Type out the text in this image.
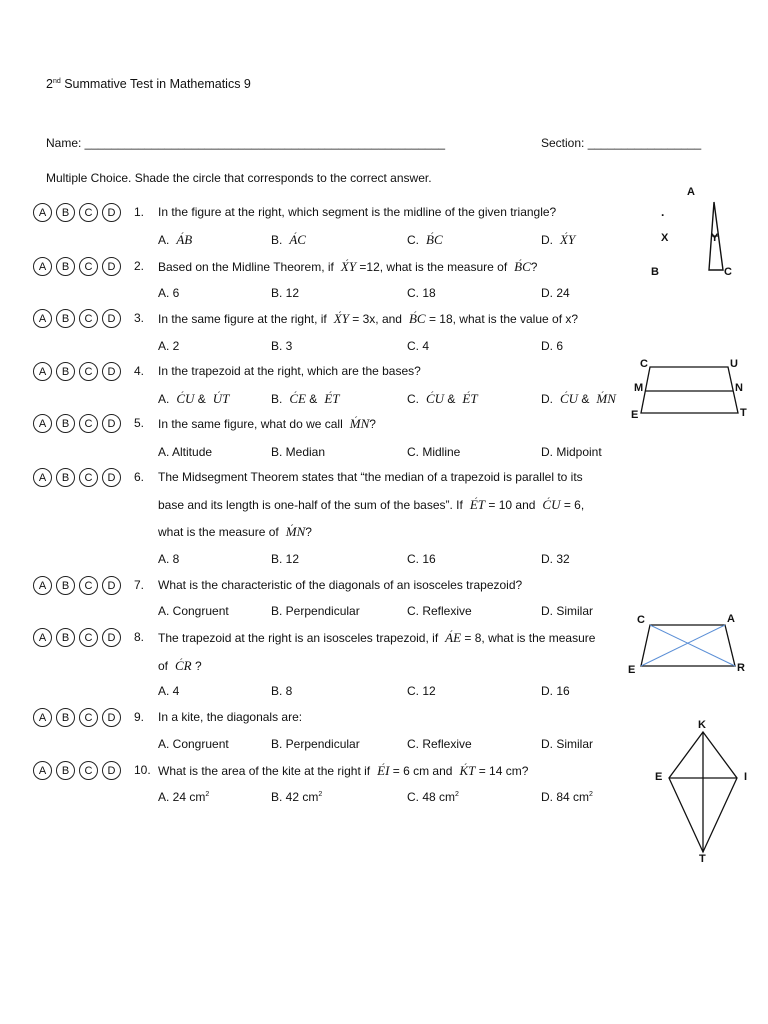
2nd Summative Test in Mathematics 9
Name: ______________________________________________________	Section: _________________
Multiple Choice. Shade the circle that corresponds to the correct answer.
A	B	C	D	1. In the figure at the right, which segment is the midline of the given triangle?
A. ´ AB	B. ´ AC	C. ´ BC	D. ´ XY
A	B	C	D	2. Based on the Midline Theorem, if ´ XY =12, what is the measure of ´ BC?
A. 6	B. 12	C. 18	D. 24
A	B	C	D	3. In the same figure at the right, if ´ XY = 3x, and ´ BC = 18, what is the value of x?
A. 2	B. 3	C. 4	D. 6
A	B	C	D	4. In the trapezoid at the right, which are the bases?
A. ´ CU & ´ UT	B. ´ CE & ´ ET	C. ´ CU & ´ ET	D. ´ CU & ´ MN
A	B	C	D	5. In the same figure, what do we call ´ MN?
A. Altitude	B. Median	C. Midline	D. Midpoint
A	B	C	D	6.
base and its length is one-half of the sum of the bases”. If ´ ET = 10 and ´ CU = 6,
what is the measure of ´ MN?
The Midsegment Theorem states that “the median of a trapezoid is parallel to its
A. 8	B. 12	C. 16	D. 32
A	B	C	D	7. What is the characteristic of the diagonals of an isosceles trapezoid?
A. Congruent	B. Perpendicular	C. Reflexive	D. Similar
A	B	C	D	8.
of ´ CR ?
The trapezoid at the right is an isosceles trapezoid, if ´ AE = 8, what is the measure
A. 4	B. 8	C. 12	D. 16
A	B	C	D	9. In a kite, the diagonals are:
A. Congruent	B. Perpendicular	C. Reflexive	D. Similar
A	B	C	D	10. What is the area of the kite at the right if ´ EI = 6 cm and ´ KT = 14 cm?
A. 24 $cm^2$	B. 42 $cm^2$	C. 48 $cm^2$	D. 84 $cm^2$
A
X	Y
B	C
·
C	U
M	N
E	T
C	A
E	R
K
E	I
T
